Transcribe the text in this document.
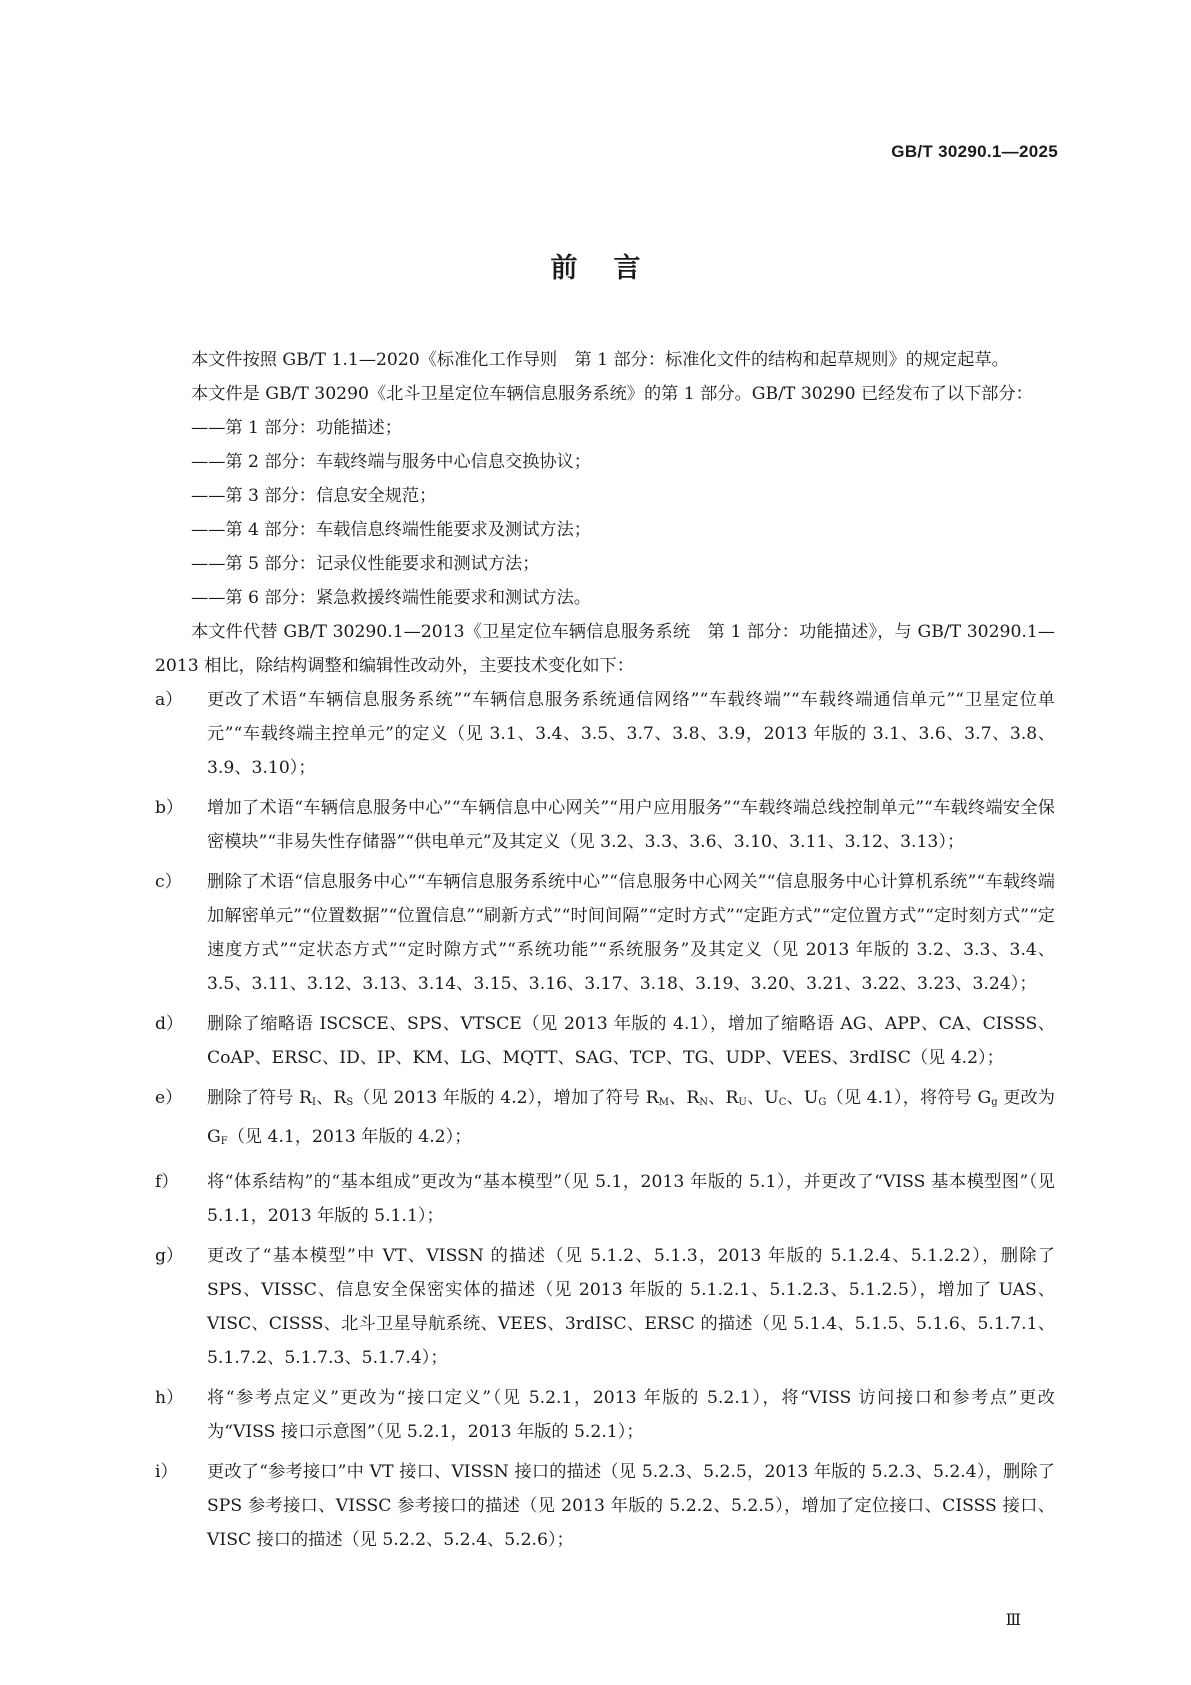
GB/T 30290.1—2025
前言

本文件按照 GB/T 1.1—2020《标准化工作导则　第 1 部分：标准化文件的结构和起草规则》的规定起草。

本文件是 GB/T 30290《北斗卫星定位车辆信息服务系统》的第 1 部分。GB/T 30290 已经发布了以下部分：

——第 1 部分：功能描述；

——第 2 部分：车载终端与服务中心信息交换协议；

——第 3 部分：信息安全规范；

——第 4 部分：车载信息终端性能要求及测试方法；

——第 5 部分：记录仪性能要求和测试方法；

——第 6 部分：紧急救援终端性能要求和测试方法。

本文件代替 GB/T 30290.1—2013《卫星定位车辆信息服务系统　第 1 部分：功能描述》，与 GB/T 30290.1—2013 相比，除结构调整和编辑性改动外，主要技术变化如下：

a）	更改了术语“车辆信息服务系统”“车辆信息服务系统通信网络”“车载终端”“车载终端通信单元”“卫星定位单元”“车载终端主控单元”的定义（见 3.1、3.4、3.5、3.7、3.8、3.9，2013 年版的 3.1、3.6、3.7、3.8、3.9、3.10）；
b）	增加了术语“车辆信息服务中心”“车辆信息中心网关”“用户应用服务”“车载终端总线控制单元”“车载终端安全保密模块”“非易失性存储器”“供电单元”及其定义（见 3.2、3.3、3.6、3.10、3.11、3.12、3.13）；
c）	删除了术语“信息服务中心”“车辆信息服务系统中心”“信息服务中心网关”“信息服务中心计算机系统”“车载终端加解密单元”“位置数据”“位置信息”“刷新方式”“时间间隔”“定时方式”“定距方式”“定位置方式”“定时刻方式”“定速度方式”“定状态方式”“定时隙方式”“系统功能”“系统服务”及其定义（见 2013 年版的 3.2、3.3、3.4、3.5、3.11、3.12、3.13、3.14、3.15、3.16、3.17、3.18、3.19、3.20、3.21、3.22、3.23、3.24）；
d）	删除了缩略语 ISCSCE、SPS、VTSCE（见 2013 年版的 4.1），增加了缩略语 AG、APP、CA、CISSS、CoAP、ERSC、ID、IP、KM、LG、MQTT、SAG、TCP、TG、UDP、VEES、3rdISC（见 4.2）；
e）	删除了符号 $R_I$、$R_S$（见 2013 年版的 4.2），增加了符号 $R_M$、$R_N$、$R_U$、$U_C$、$U_G$（见 4.1），将符号 $G_g$ 更改为 $G_F$（见 4.1，2013 年版的 4.2）；
f）	将“体系结构”的“基本组成”更改为“基本模型”（见 5.1，2013 年版的 5.1），并更改了“VISS 基本模型图”（见 5.1.1，2013 年版的 5.1.1）；
g）	更改了“基本模型”中 VT、VISSN 的描述（见 5.1.2、5.1.3，2013 年版的 5.1.2.4、5.1.2.2），删除了 SPS、VISSC、信息安全保密实体的描述（见 2013 年版的 5.1.2.1、5.1.2.3、5.1.2.5），增加了 UAS、VISC、CISSS、北斗卫星导航系统、VEES、3rdISC、ERSC 的描述（见 5.1.4、5.1.5、5.1.6、5.1.7.1、5.1.7.2、5.1.7.3、5.1.7.4）；
h）	将“参考点定义”更改为“接口定义”（见 5.2.1，2013 年版的 5.2.1），将“VISS 访问接口和参考点”更改为“VISS 接口示意图”（见 5.2.1，2013 年版的 5.2.1）；
i）	更改了“参考接口”中 VT 接口、VISSN 接口的描述（见 5.2.3、5.2.5，2013 年版的 5.2.3、5.2.4），删除了 SPS 参考接口、VISSC 参考接口的描述（见 2013 年版的 5.2.2、5.2.5），增加了定位接口、CISSS 接口、VISC 接口的描述（见 5.2.2、5.2.4、5.2.6）；
Ⅲ
